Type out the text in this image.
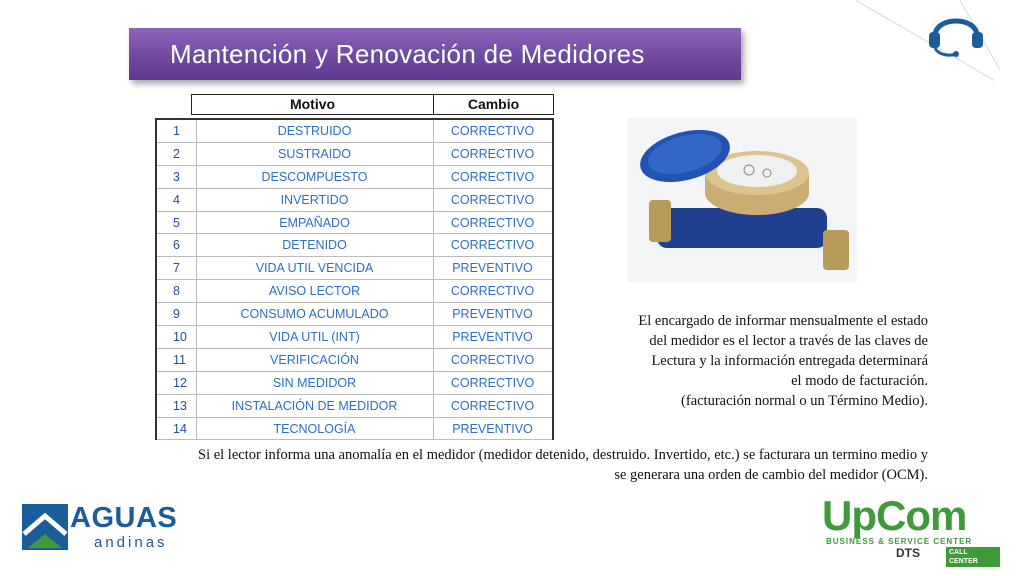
Mantención y Renovación de Medidores
Motivo	Cambio
1	DESTRUIDO	CORRECTIVO
2	SUSTRAIDO	CORRECTIVO
3	DESCOMPUESTO	CORRECTIVO
4	INVERTIDO	CORRECTIVO
5	EMPAÑADO	CORRECTIVO
6	DETENIDO	CORRECTIVO
7	VIDA UTIL VENCIDA	PREVENTIVO
8	AVISO LECTOR	CORRECTIVO
9	CONSUMO ACUMULADO	PREVENTIVO
10	VIDA UTIL (INT)	PREVENTIVO
11	VERIFICACIÓN	CORRECTIVO
12	SIN MEDIDOR	CORRECTIVO
13	INSTALACIÓN DE MEDIDOR	CORRECTIVO
14	TECNOLOGÍA	PREVENTIVO

El encargado de informar mensualmente el estado

del medidor es el lector a través de las claves de

Lectura y la información entregada determinará

el modo de facturación.

(facturación normal o un Término Medio).

Si el lector informa una anomalía en el medidor (medidor detenido, destruido. Invertido, etc.) se facturara un termino medio y

se generara una orden de cambio del medidor (OCM).

AGUAS
andinas
UpCom
BUSINESS & SERVICE CENTER
DTS	CALL CENTER
